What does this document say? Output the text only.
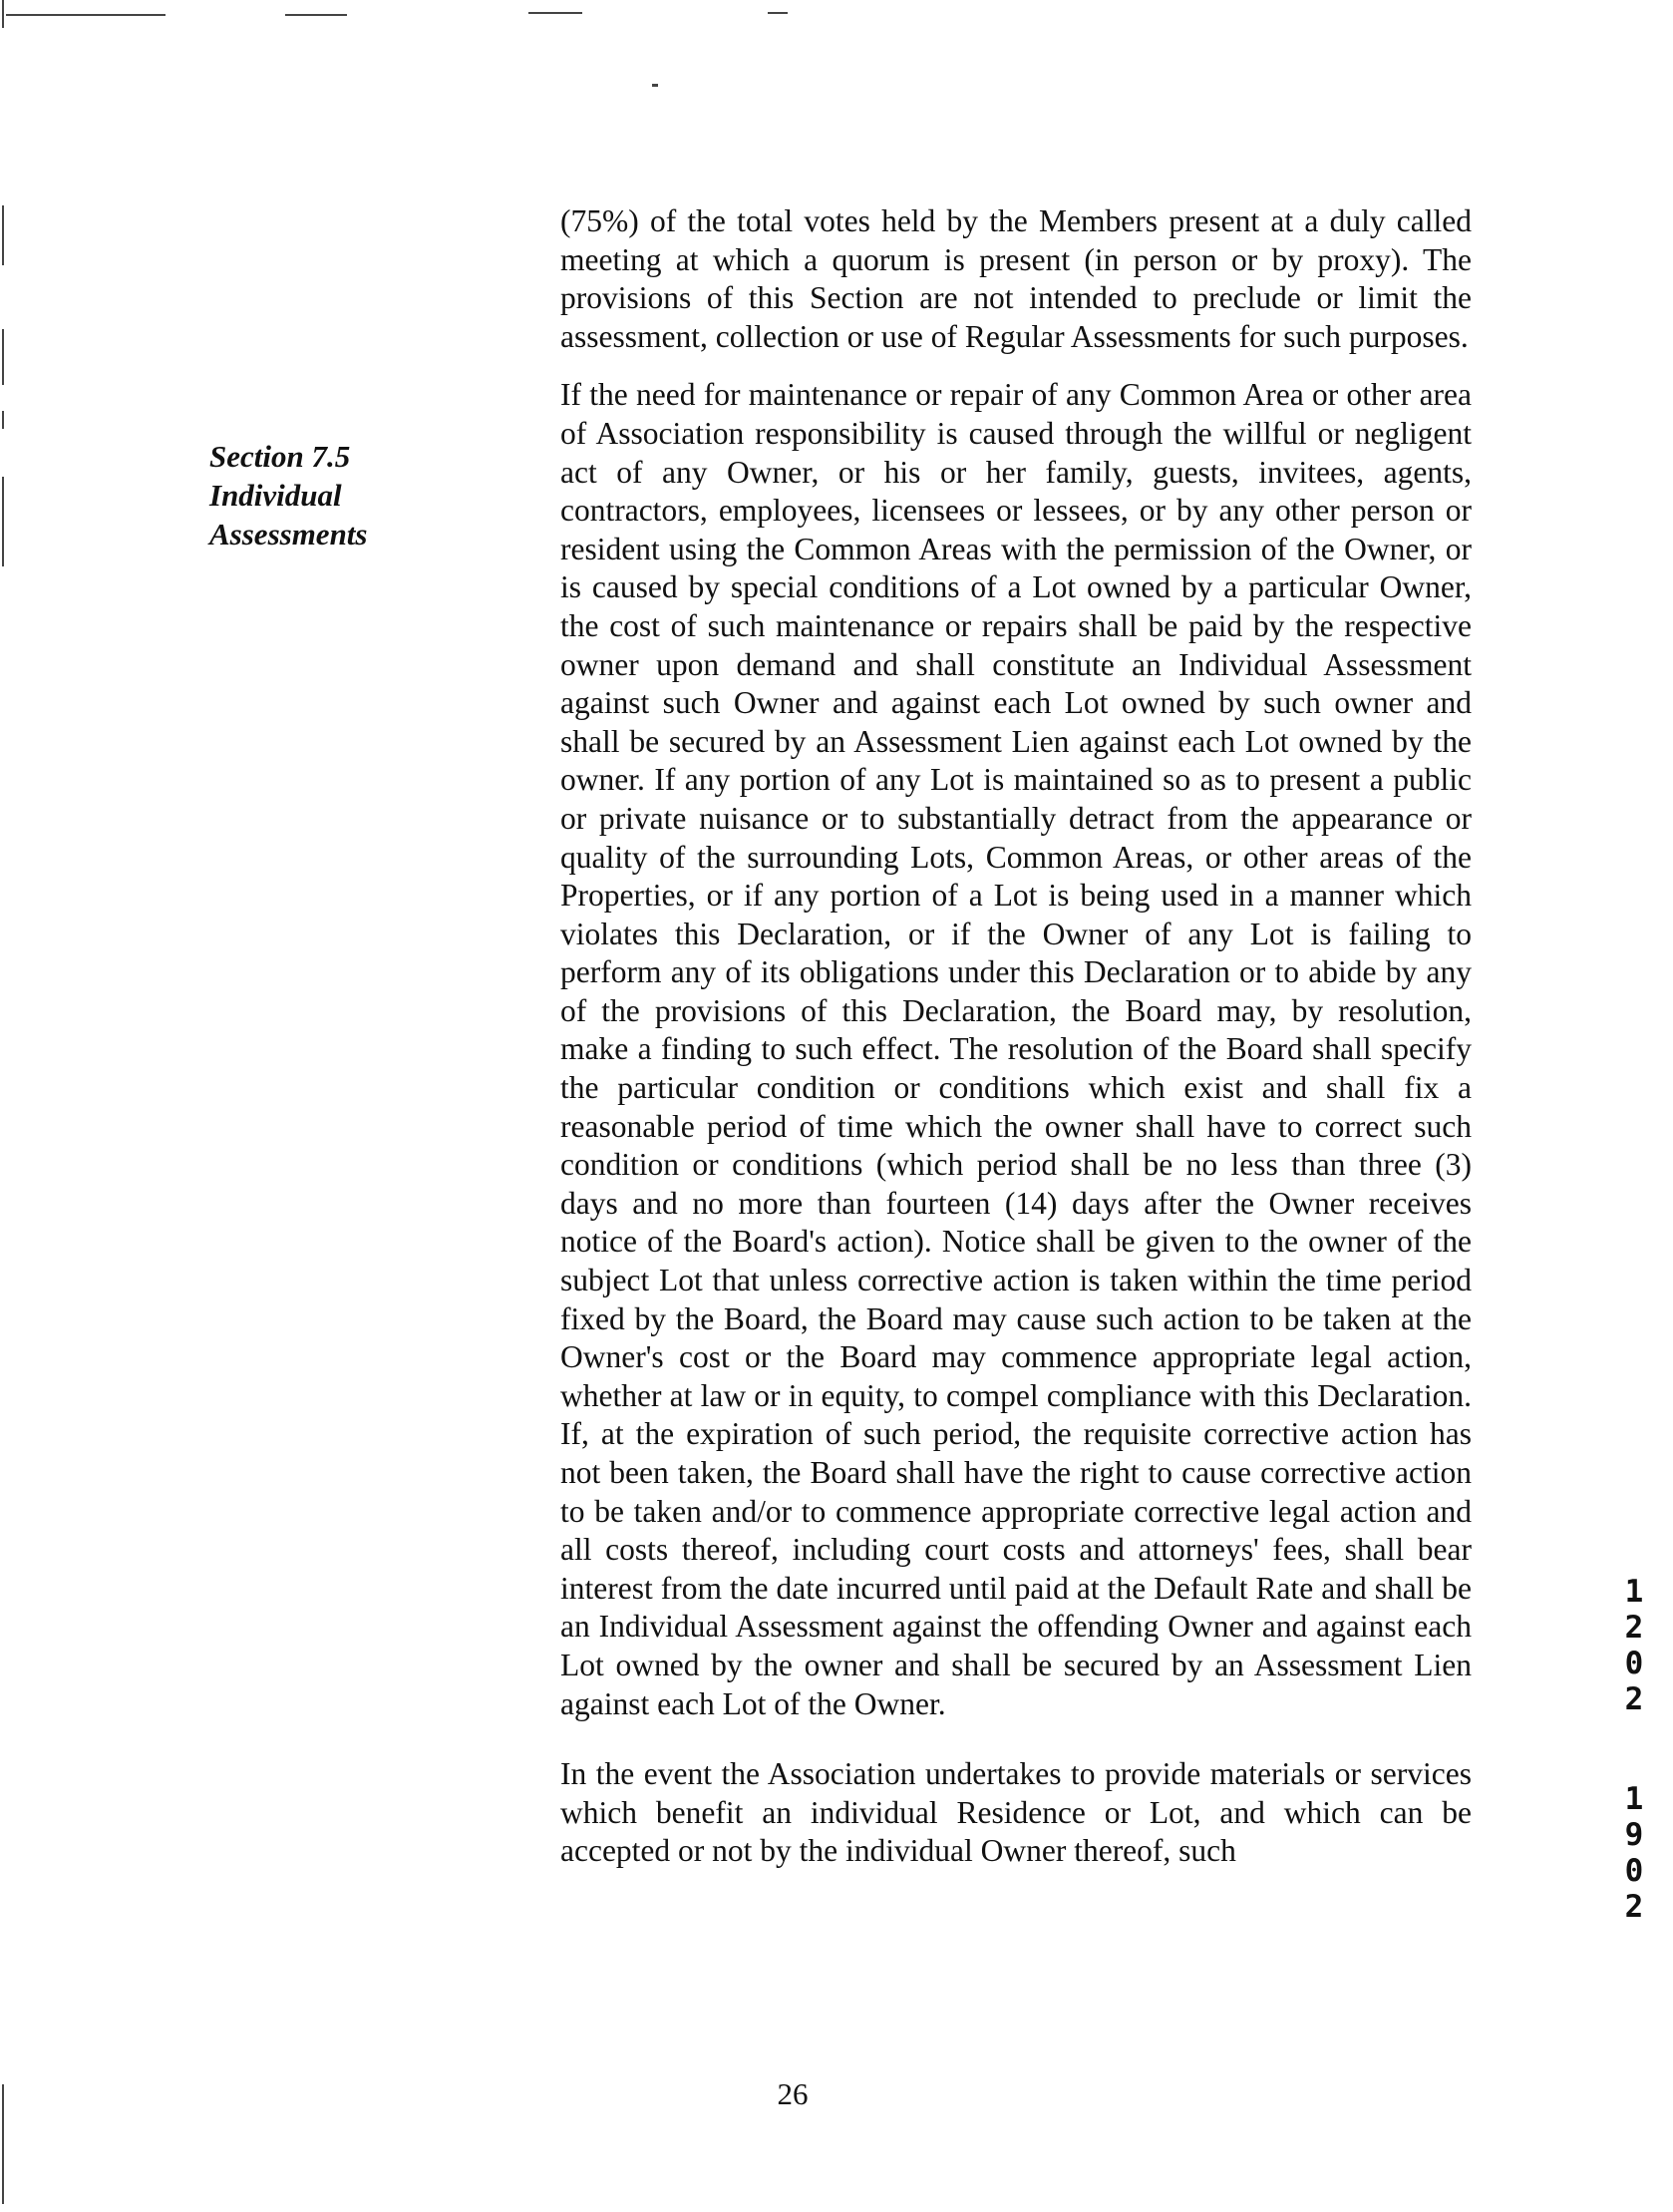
Section 7.5
Individual
Assessments

(75%) of the total votes held by the Members present at a duly called meeting at which a quorum is present (in person or by proxy). The provisions of this Section are not intended to preclude or limit the assessment, collection or use of Regular Assessments for such purposes.

If the need for maintenance or repair of any Common Area or other area of Association responsibility is caused through the willful or negligent act of any Owner, or his or her family, guests, invitees, agents, contractors, employees, licensees or lessees, or by any other person or resident using the Common Areas with the permission of the Owner, or is caused by special conditions of a Lot owned by a particular Owner, the cost of such maintenance or repairs shall be paid by the respective owner upon demand and shall constitute an Individual Assessment against such Owner and against each Lot owned by such owner and shall be secured by an Assessment Lien against each Lot owned by the owner. If any portion of any Lot is maintained so as to present a public or private nuisance or to substantially detract from the appearance or quality of the surrounding Lots, Common Areas, or other areas of the Properties, or if any portion of a Lot is being used in a manner which violates this Declaration, or if the Owner of any Lot is failing to perform any of its obligations under this Declaration or to abide by any of the provisions of this Declaration, the Board may, by resolution, make a finding to such effect. The resolution of the Board shall specify the particular condition or conditions which exist and shall fix a reasonable period of time which the owner shall have to correct such condition or conditions (which period shall be no less than three (3) days and no more than fourteen (14) days after the Owner receives notice of the Board's action). Notice shall be given to the owner of the subject Lot that unless corrective action is taken within the time period fixed by the Board, the Board may cause such action to be taken at the Owner's cost or the Board may commence appropriate legal action, whether at law or in equity, to compel compliance with this Declaration. If, at the expiration of such period, the requisite corrective action has not been taken, the Board shall have the right to cause corrective action to be taken and/or to commence appropriate corrective legal action and all costs thereof, including court costs and attorneys' fees, shall bear interest from the date incurred until paid at the Default Rate and shall be an Individual Assessment against the offending Owner and against each Lot owned by the owner and shall be secured by an Assessment Lien against each Lot of the Owner.

In the event the Association undertakes to provide materials or services which benefit an individual Residence or Lot, and which can be accepted or not by the individual Owner thereof, such

26
1
2
0
2
1
9
0
2
